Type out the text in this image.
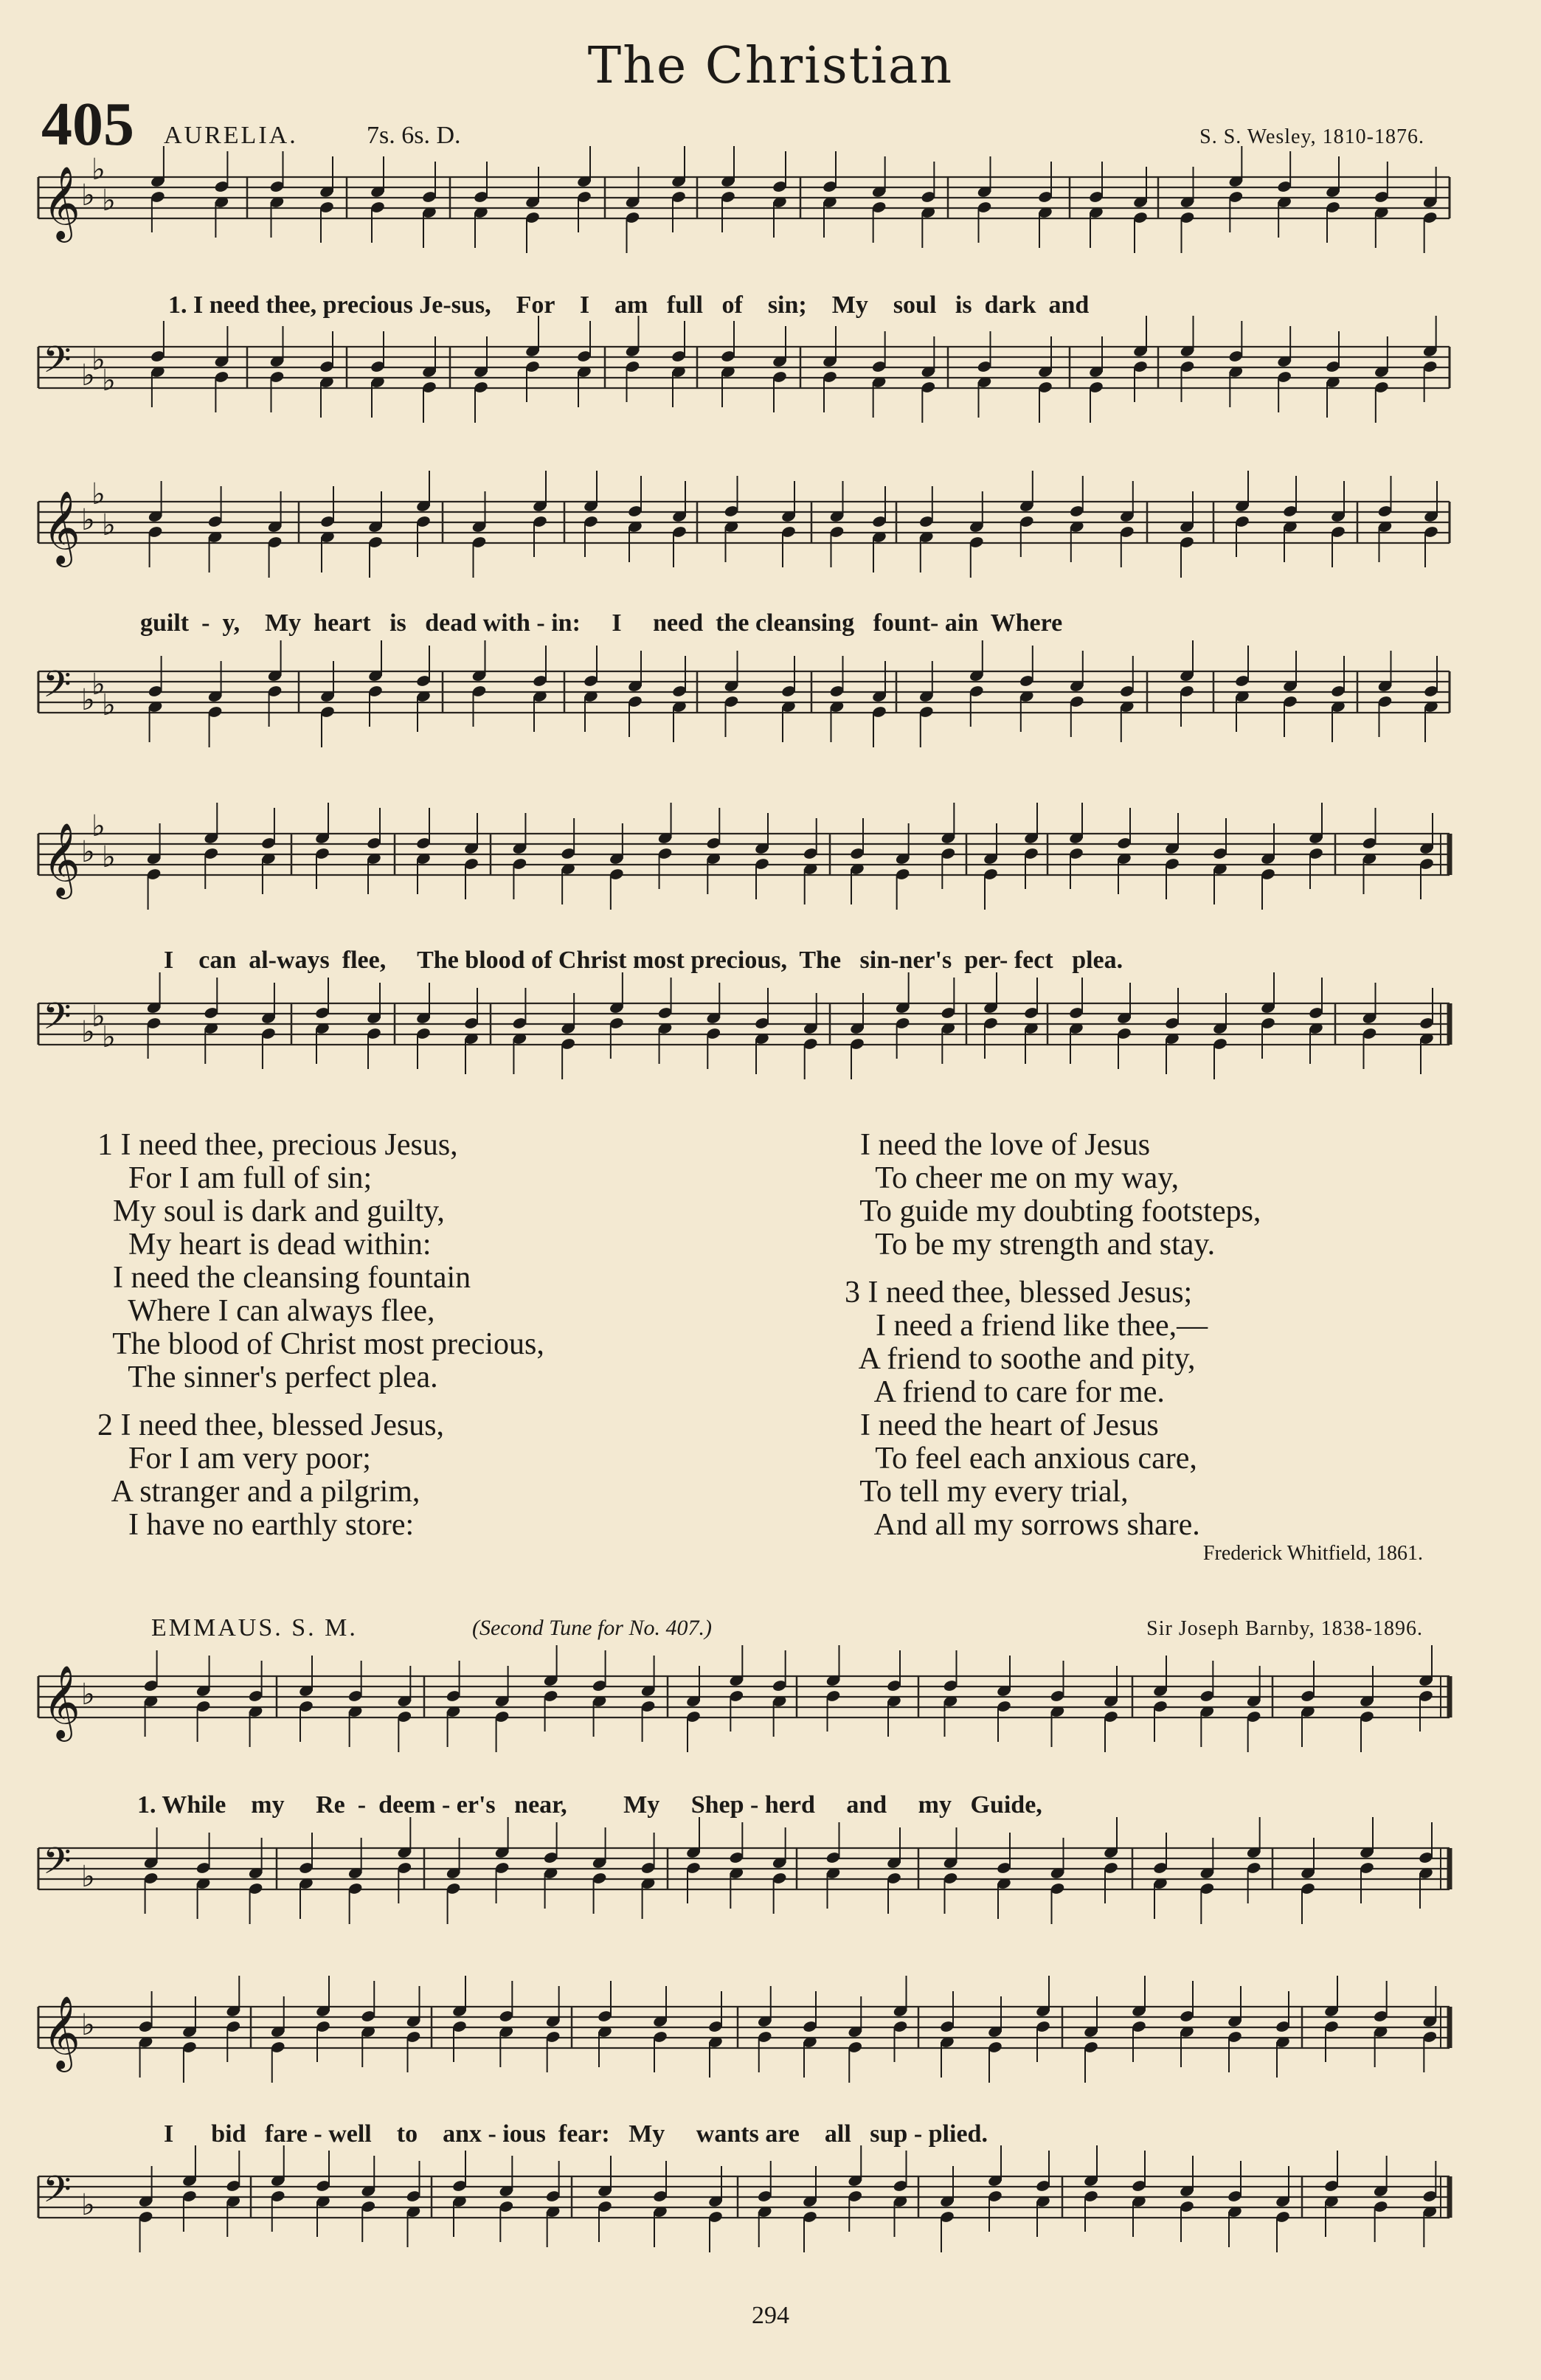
The Christian
405 AURELIA.	7s. 6s. D.	S. S. Wesley, 1810-1876.
𝄞 ♭
♭
♭
𝄢 ♭
♭
♭
𝄞 ♭
♭
♭
𝄢 ♭
♭
♭
𝄞 ♭
♭
♭
𝄢 ♭
♭
♭
𝄞 ♭
𝄢 ♭
𝄞 ♭
𝄢 ♭
1. I need thee, precious Je-sus,    For    I    am   full   of    sin;    My    soul   is  dark  and
guilt  -  y,    My  heart   is   dead with - in:     I     need  the cleansing   fount- ain  Where
I    can  al-ways  flee,     The blood of Christ most precious,  The   sin-ner's  per- fect   plea.
1 I need thee, precious Jesus,
For I am full of sin;
My soul is dark and guilty,
My heart is dead within:
I need the cleansing fountain
Where I can always flee,
The blood of Christ most precious,
The sinner's perfect plea.
2 I need thee, blessed Jesus,
For I am very poor;
A stranger and a pilgrim,
I have no earthly store:
I need the love of Jesus
To cheer me on my way,
To guide my doubting footsteps,
To be my strength and stay.
3 I need thee, blessed Jesus;
I need a friend like thee,—
A friend to soothe and pity,
A friend to care for me.
I need the heart of Jesus
To feel each anxious care,
To tell my every trial,
And all my sorrows share.
Frederick Whitfield, 1861.
EMMAUS. S. M.	(Second Tune for No. 407.)	Sir Joseph Barnby, 1838-1896.
1. While    my     Re  -  deem - er's   near,         My     Shep - herd     and     my   Guide,
I      bid   fare - well    to    anx - ious  fear:   My     wants are    all   sup - plied.
294
